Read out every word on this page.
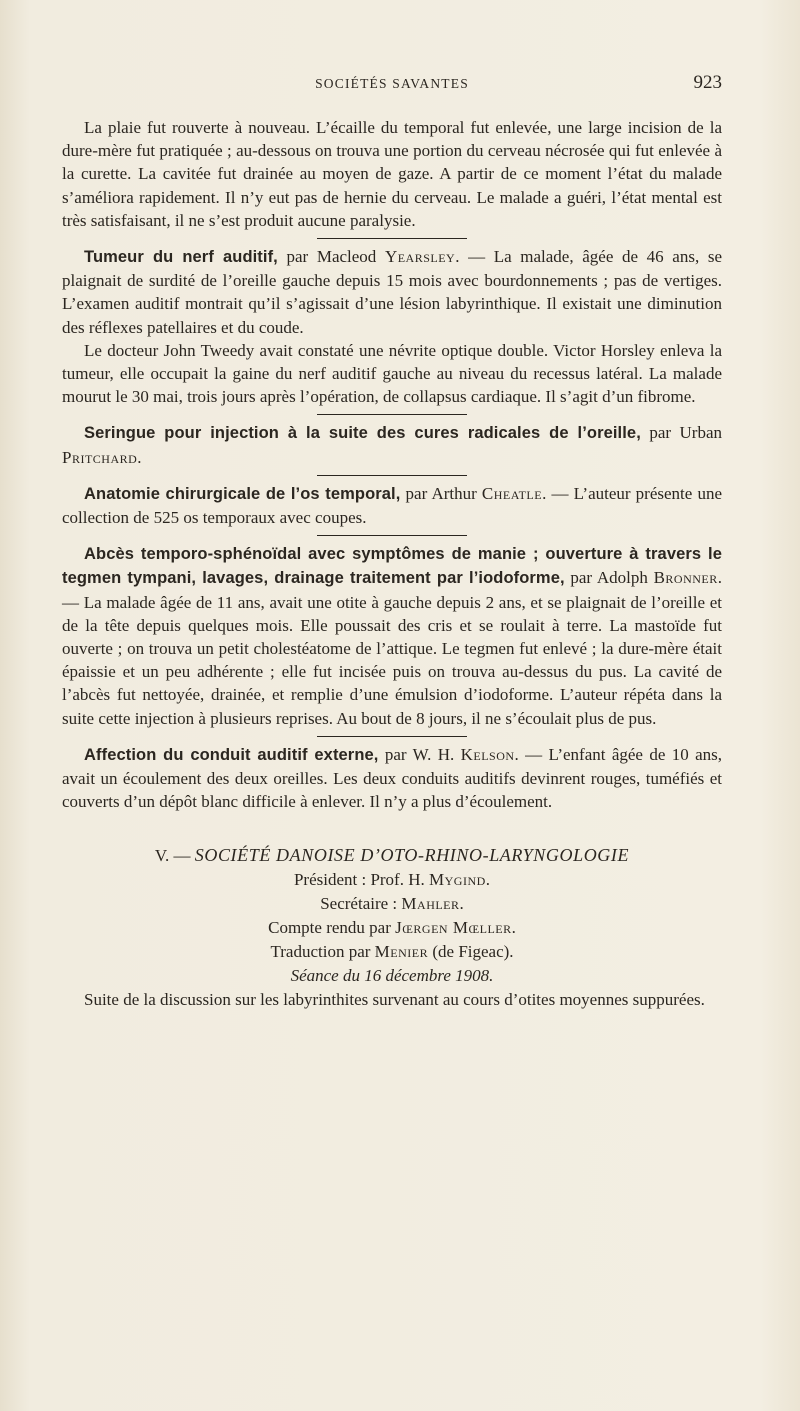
SOCIÉTÉS SAVANTES	923

La plaie fut rouverte à nouveau. L’écaille du temporal fut enlevée, une large incision de la dure-mère fut pratiquée ; au-dessous on trouva une portion du cerveau nécrosée qui fut enlevée à la curette. La cavitée fut drainée au moyen de gaze. A partir de ce moment l’état du malade s’améliora rapidement. Il n’y eut pas de hernie du cerveau. Le malade a guéri, l’état mental est très satisfaisant, il ne s’est produit aucune paralysie.

Tumeur du nerf auditif, par Macleod Yearsley. — La malade, âgée de 46 ans, se plaignait de surdité de l’oreille gauche depuis 15 mois avec bourdonnements ; pas de vertiges. L’examen auditif montrait qu’il s’agissait d’une lésion labyrinthique. Il existait une diminution des réflexes patellaires et du coude.

Le docteur John Tweedy avait constaté une névrite optique double. Victor Horsley enleva la tumeur, elle occupait la gaine du nerf auditif gauche au niveau du recessus latéral. La malade mourut le 30 mai, trois jours après l’opération, de collapsus cardiaque. Il s’agit d’un fibrome.

Seringue pour injection à la suite des cures radicales de l’oreille, par Urban Pritchard.

Anatomie chirurgicale de l’os temporal, par Arthur Cheatle. — L’auteur présente une collection de 525 os temporaux avec coupes.

Abcès temporo-sphénoïdal avec symptômes de manie ; ouverture à travers le tegmen tympani, lavages, drainage traitement par l’iodoforme, par Adolph Bronner. — La malade âgée de 11 ans, avait une otite à gauche depuis 2 ans, et se plaignait de l’oreille et de la tête depuis quelques mois. Elle poussait des cris et se roulait à terre. La mastoïde fut ouverte ; on trouva un petit cholestéatome de l’attique. Le tegmen fut enlevé ; la dure-mère était épaissie et un peu adhérente ; elle fut incisée puis on trouva au-dessus du pus. La cavité de l’abcès fut nettoyée, drainée, et remplie d’une émulsion d’iodoforme. L’auteur répéta dans la suite cette injection à plusieurs reprises. Au bout de 8 jours, il ne s’écoulait plus de pus.

Affection du conduit auditif externe, par W. H. Kelson. — L’enfant âgée de 10 ans, avait un écoulement des deux oreilles. Les deux conduits auditifs devinrent rouges, tuméfiés et couverts d’un dépôt blanc difficile à enlever. Il n’y a plus d’écoulement.

V. — SOCIÉTÉ DANOISE D’OTO-RHINO-LARYNGOLOGIE
Président : Prof. H. Mygind.
Secrétaire : Mahler.
Compte rendu par Jœrgen Mœller.
Traduction par Menier (de Figeac).
Séance du 16 décembre 1908.

Suite de la discussion sur les labyrinthites survenant au cours d’otites moyennes suppurées.
